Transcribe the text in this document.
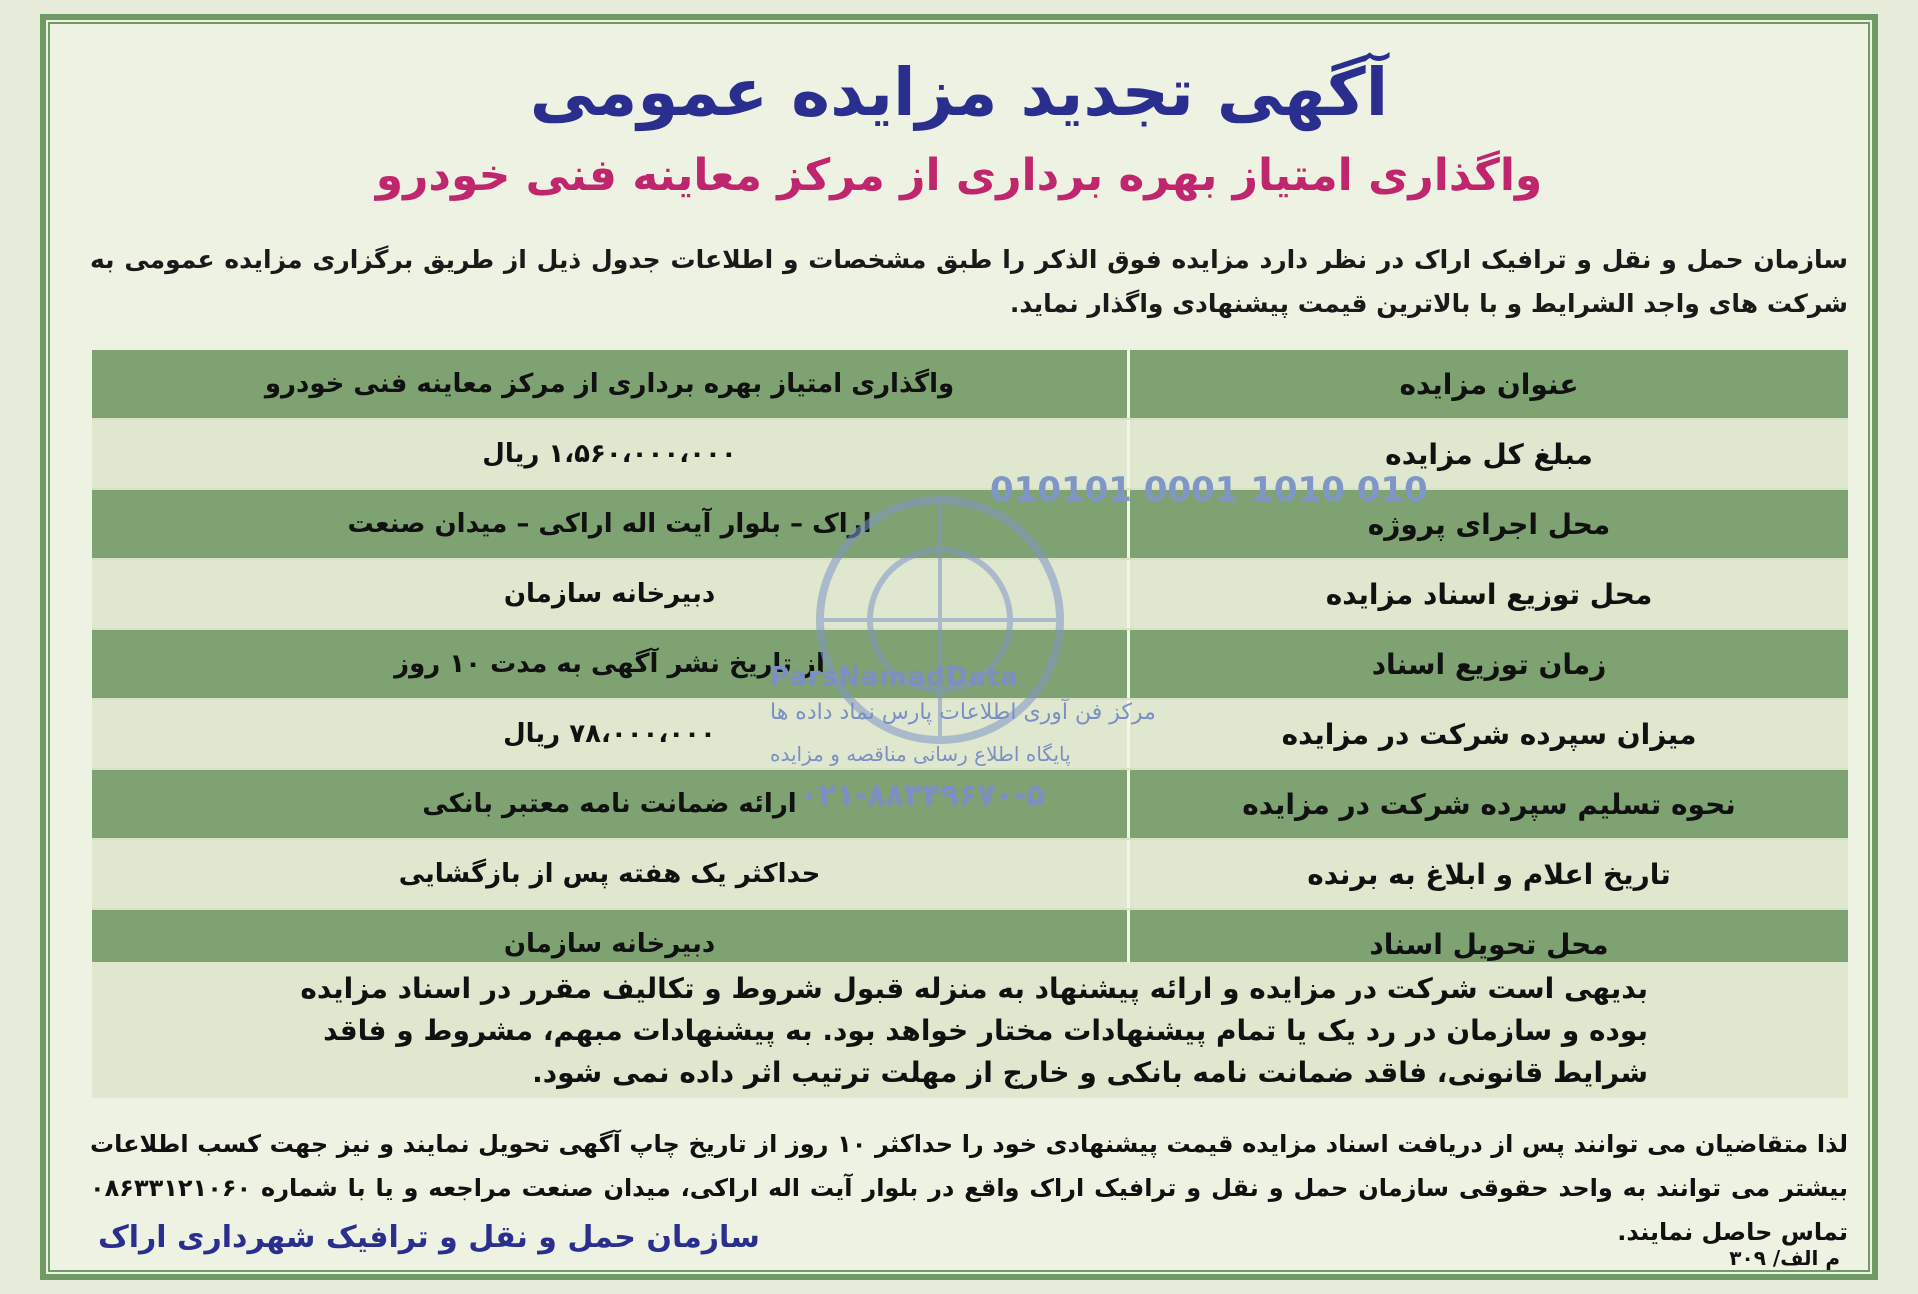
آگهی تجدید مزایده عمومی
واگذاری امتیاز بهره برداری از مرکز معاینه فنی خودرو
سازمان حمل و نقل و ترافیک اراک در نظر دارد مزایده فوق الذکر را طبق مشخصات و اطلاعات جدول ذیل از طریق برگزاری مزایده عمومی به شرکت های واجد الشرایط و با بالاترین قیمت پیشنهادی واگذار نماید.
عنوان مزایده
واگذاری امتیاز بهره برداری از مرکز معاینه فنی خودرو
مبلغ کل مزایده
۱،۵۶۰،۰۰۰،۰۰۰ ریال
محل اجرای پروژه
اراک – بلوار آیت اله اراکی – میدان صنعت
محل توزیع اسناد مزایده
دبیرخانه سازمان
زمان توزیع اسناد
از تاریخ نشر آگهی به مدت ۱۰ روز
میزان سپرده شرکت در مزایده
۷۸،۰۰۰،۰۰۰ ریال
نحوه تسلیم سپرده شرکت در مزایده
ارائه ضمانت نامه معتبر بانکی
تاریخ اعلام و ابلاغ به برنده
حداکثر یک هفته پس از بازگشایی
محل تحویل اسناد
دبیرخانه سازمان
بدیهی است شرکت در مزایده و ارائه پیشنهاد به منزله قبول شروط و تکالیف مقرر در اسناد مزایده بوده و سازمان در رد یک یا تمام پیشنهادات مختار خواهد بود. به پیشنهادات مبهم، مشروط و فاقد شرایط قانونی، فاقد ضمانت نامه بانکی و خارج از مهلت ترتیب اثر داده نمی شود.
لذا متقاضیان می توانند پس از دریافت اسناد مزایده قیمت پیشنهادی خود را حداکثر ۱۰ روز از تاریخ چاپ آگهی تحویل نمایند و نیز جهت کسب اطلاعات بیشتر می توانند به واحد حقوقی سازمان حمل و نقل و ترافیک اراک واقع در بلوار آیت اله اراکی، میدان صنعت مراجعه و یا با شماره ۰۸۶۳۳۱۲۱۰۶۰ تماس حاصل نمایند.
سازمان حمل و نقل و ترافیک شهرداری اراک
م الف/ ۳۰۹
010101 0001 1010 010
ParsNamadData
مرکز فن آوری اطلاعات پارس نماد داده ها
پایگاه اطلاع رسانی مناقصه و مزایده
۰۲۱-۸۸۳۴۹۶۷۰-۵
